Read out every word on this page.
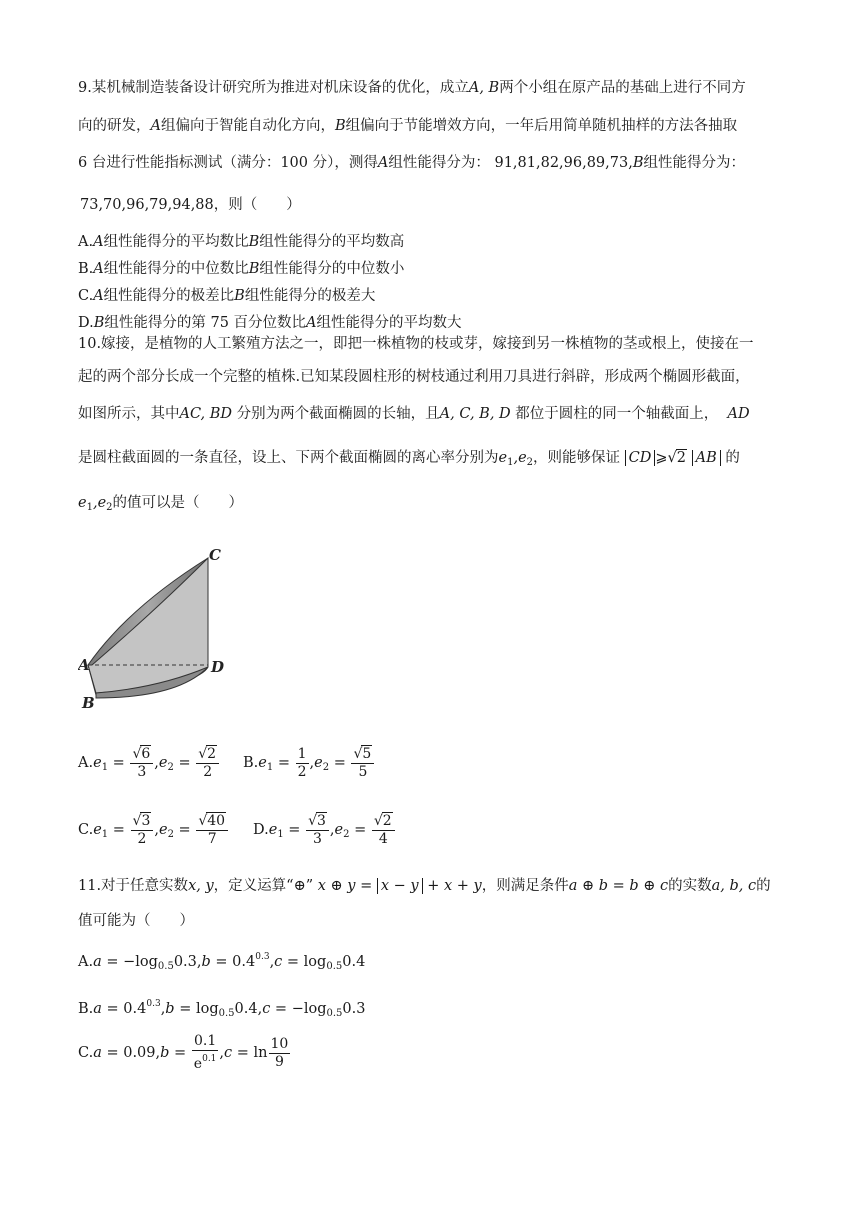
9.某机械制造装备设计研究所为推进对机床设备的优化，成立A, B两个小组在原产品的基础上进行不同方
向的研发，A组偏向于智能自动化方向，B组偏向于节能增效方向，一年后用简单随机抽样的方法各抽取
6 台进行性能指标测试（满分：100 分），测得A组性能得分为： 91,81,82,96,89,73,B组性能得分为：
73,70,96,79,94,88，则（　　）
A.A组性能得分的平均数比B组性能得分的平均数高
B.A组性能得分的中位数比B组性能得分的中位数小
C.A组性能得分的极差比B组性能得分的极差大
D.B组性能得分的第 75 百分位数比A组性能得分的平均数大
10.嫁接，是植物的人工繁殖方法之一，即把一株植物的枝或芽，嫁接到另一株植物的茎或根上，使接在一
起的两个部分长成一个完整的植株.已知某段圆柱形的树枝通过利用刀具进行斜辟，形成两个椭圆形截面，
如图所示，其中AC, BD 分别为两个截面椭圆的长轴，且A, C, B, D 都位于圆柱的同一个轴截面上， AD
是圆柱截面圆的一条直径，设上、下两个截面椭圆的离心率分别为$e_1,e_2$，则能够保证 CD ⩾√2 AB 的
$e_1,e_2$的值可以是（　　）
C
A	D
B
$A.e_1 = \frac{√6}{3} ,e_2 = \frac{√2}{2} B.e_1 = \frac{1}{2} ,e_2 = \frac{√5}{5}$
$C.e_1 = \frac{√3}{2} ,e_2 = \frac{√40}{7} D.e_1 = \frac{√3}{3} ,e_2 = \frac{√2}{4}$
11.对于任意实数x, y，定义运算“⊕” x ⊕ y = x − y + x + y，则满足条件a ⊕ b = b ⊕ c的实数a, b, c的
值可能为（　　）
$A.a = -\log_{0.5}0.3,b = 0.4^{0.3},c = \log_{0.5}0.4$
$B.a = 0.4^{0.3},b = \log_{0.5}0.4,c = -\log_{0.5}0.3$
$C.a = 0.09,b = \frac{0.1}{e^{0.1}} ,c = \ln \frac{10}{9}$
